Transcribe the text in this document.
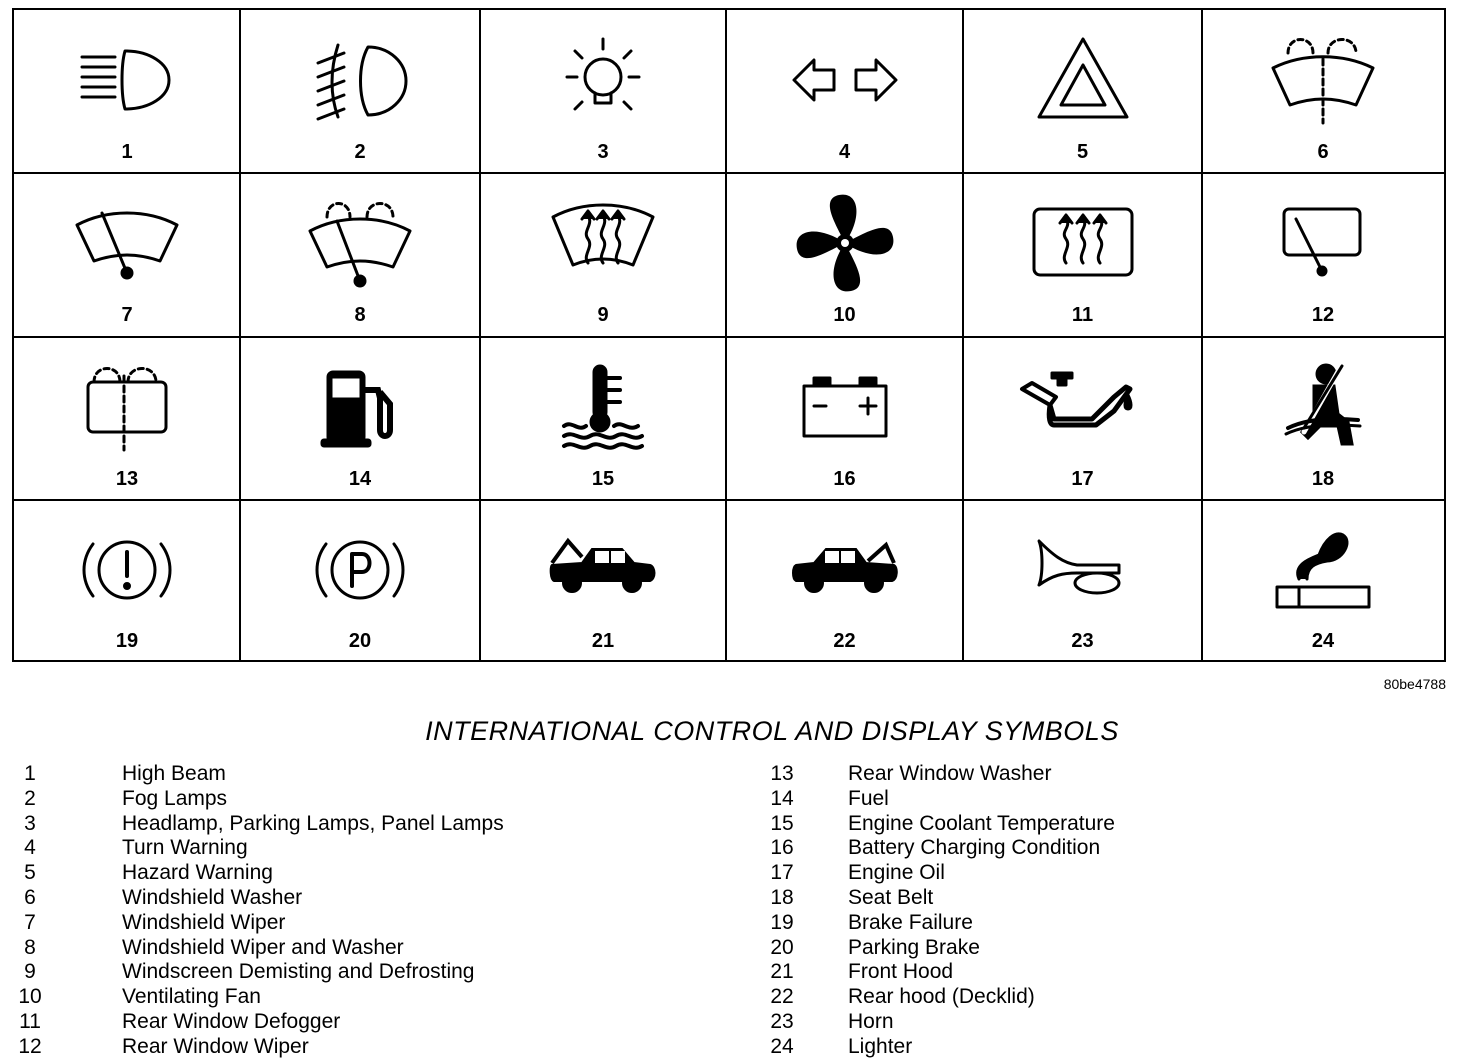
1	2	3	4	5	6
7	8	9	10	11	12
13	14	15	16	17	18
19	20	21	22	23	24
80be4788
INTERNATIONAL CONTROL AND DISPLAY SYMBOLS
1	High Beam
2	Fog Lamps
3	Headlamp, Parking Lamps, Panel Lamps
4	Turn Warning
5	Hazard Warning
6	Windshield Washer
7	Windshield Wiper
8	Windshield Wiper and Washer
9	Windscreen Demisting and Defrosting
10	Ventilating Fan
11	Rear Window Defogger
12	Rear Window Wiper
13	Rear Window Washer
14	Fuel
15	Engine Coolant Temperature
16	Battery Charging Condition
17	Engine Oil
18	Seat Belt
19	Brake Failure
20	Parking Brake
21	Front Hood
22	Rear hood (Decklid)
23	Horn
24	Lighter
